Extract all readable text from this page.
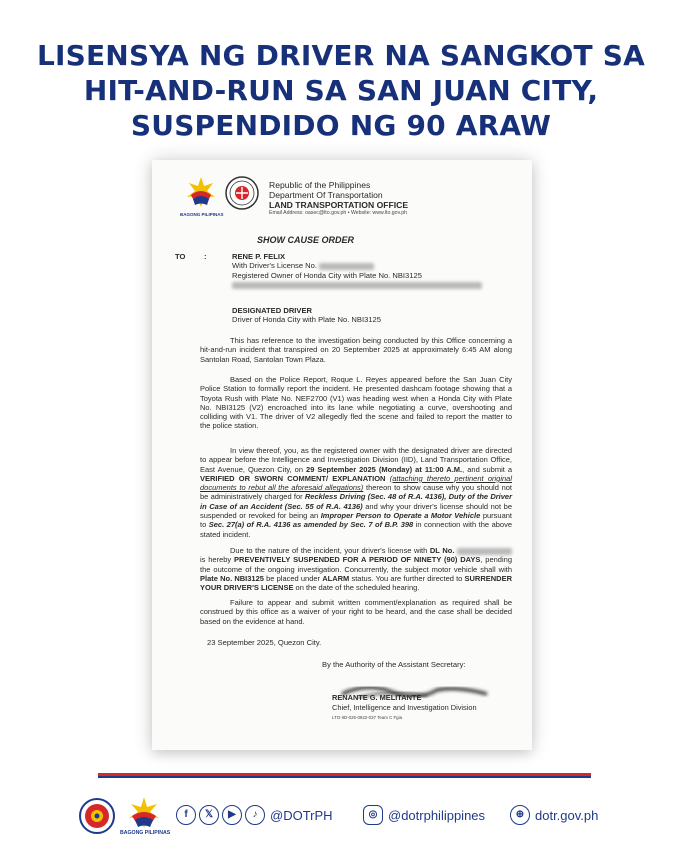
LISENSYA NG DRIVER NA SANGKOT SA
HIT-AND-RUN SA SAN JUAN CITY,
SUSPENDIDO NG 90 ARAW
BAGONG PILIPINAS
Republic of the Philippines
Department Of Transportation
LAND TRANSPORTATION OFFICE
Email Address: oasec@lto.gov.ph • Website: www.lto.gov.ph
SHOW CAUSE ORDER
TO :	RENE P. FELIX
With Driver's License No.
Registered Owner of Honda City with Plate No. NBI3125
DESIGNATED DRIVER
Driver of Honda City with Plate No. NBI3125
This has reference to the investigation being conducted by this Office concerning a hit-and-run incident that transpired on 20 September 2025 at approximately 6:45 AM along Santolan Road, Santolan Town Plaza.
Based on the Police Report, Roque L. Reyes appeared before the San Juan City Police Station to formally report the incident. He presented dashcam footage showing that a Toyota Rush with Plate No. NEF2700 (V1) was heading west when a Honda City with Plate No. NBI3125 (V2) encroached into its lane while negotiating a curve, overshooting and colliding with V1. The driver of V2 allegedly fled the scene and failed to report the matter to the police station.
In view thereof, you, as the registered owner with the designated driver are directed to appear before the Intelligence and Investigation Division (IID), Land Transportation Office, East Avenue, Quezon City, on 29 September 2025 (Monday) at 11:00 A.M., and submit a VERIFIED OR SWORN COMMENT/ EXPLANATION (attaching thereto pertinent original documents to rebut all the aforesaid allegations) thereon to show cause why you should not be administratively charged for Reckless Driving (Sec. 48 of R.A. 4136), Duty of the Driver in Case of an Accident (Sec. 55 of R.A. 4136) and why your driver's license should not be suspended or revoked for being an Improper Person to Operate a Motor Vehicle pursuant to Sec. 27(a) of R.A. 4136 as amended by Sec. 7 of B.P. 398 in connection with the above stated incident.
Due to the nature of the incident, your driver's license with DL No.  is hereby PREVENTIVELY SUSPENDED FOR A PERIOD OF NINETY (90) DAYS, pending the outcome of the ongoing investigation. Concurrently, the subject motor vehicle shall with Plate No. NBI3125 be placed under ALARM status. You are further directed to SURRENDER YOUR DRIVER'S LICENSE on the date of the scheduled hearing.
Failure to appear and submit written comment/explanation as required shall be construed by this office as a waiver of your right to be heard, and the case shall be decided based on the evidence at hand.
23 September 2025, Quezon City.
By the Authority of the Assistant Secretary:
RENANTE G. MELITANTE
Chief, Intelligence and Investigation Division
LTO-IID-025-0922-037 Team C Fgia
BAGONG PILIPINAS
f	𝕏	▶	♪ @DOTrPH	◎ @dotrphilippines	⊕ dotr.gov.ph
